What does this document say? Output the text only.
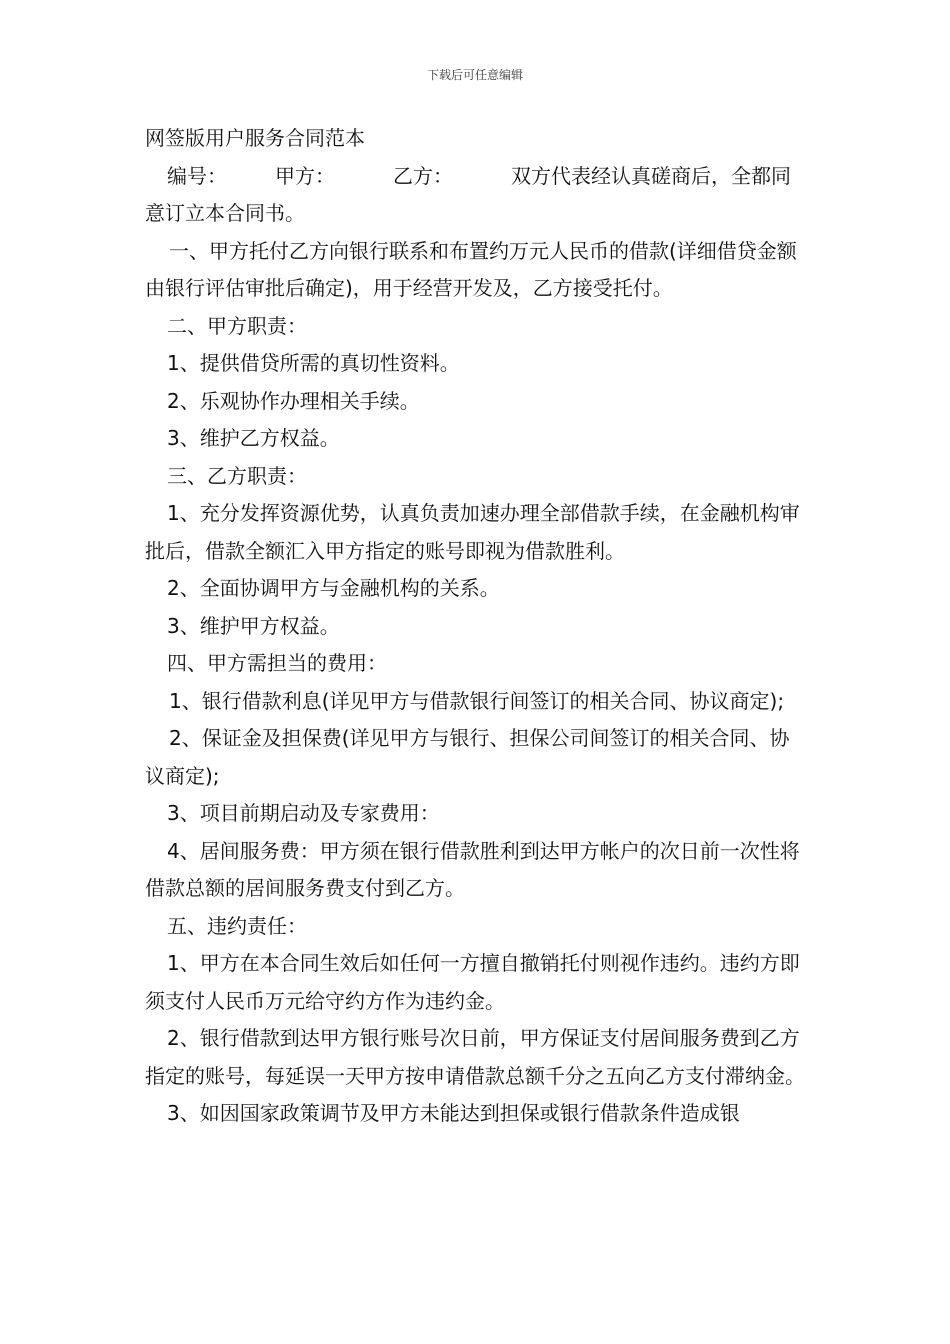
下载后可任意编辑

网签版用户服务合同范本

编号： 甲方：	乙方：	双方代表经认真磋商后，全都同意订立本合同书。

一、甲方托付乙方向银行联系和布置约万元人民币的借款(详细借贷金额由银行评估审批后确定)，用于经营开发及，乙方接受托付。

二、甲方职责：

1、提供借贷所需的真切性资料。

2、乐观协作办理相关手续。

3、维护乙方权益。

三、乙方职责：

1、充分发挥资源优势，认真负责加速办理全部借款手续，在金融机构审批后，借款全额汇入甲方指定的账号即视为借款胜利。

2、全面协调甲方与金融机构的关系。

3、维护甲方权益。

四、甲方需担当的费用：

1、银行借款利息(详见甲方与借款银行间签订的相关合同、协议商定);

2、保证金及担保费(详见甲方与银行、担保公司间签订的相关合同、协议商定);

3、项目前期启动及专家费用：

4、居间服务费：甲方须在银行借款胜利到达甲方帐户的次日前一次性将借款总额的居间服务费支付到乙方。

五、违约责任：

1、甲方在本合同生效后如任何一方擅自撤销托付则视作违约。违约方即须支付人民币万元给守约方作为违约金。

2、银行借款到达甲方银行账号次日前，甲方保证支付居间服务费到乙方指定的账号，每延误一天甲方按申请借款总额千分之五向乙方支付滞纳金。

3、如因国家政策调节及甲方未能达到担保或银行借款条件造成银
